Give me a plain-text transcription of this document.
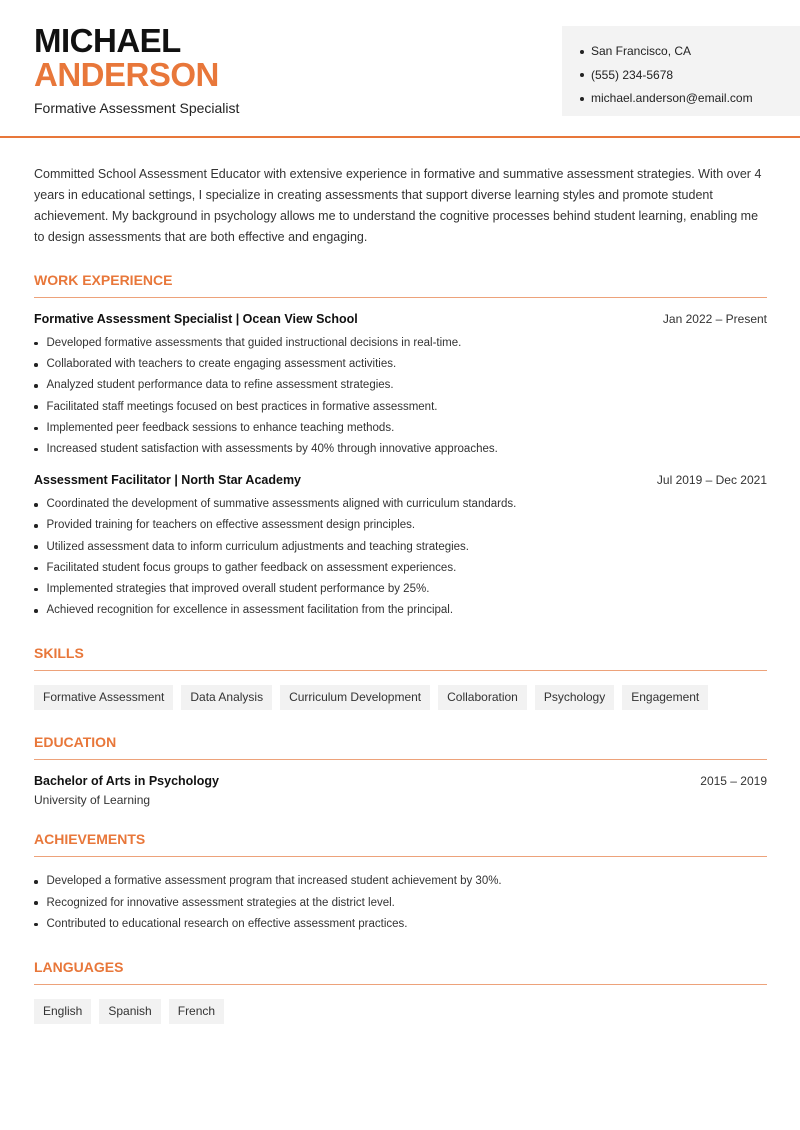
MICHAEL
ANDERSON
Formative Assessment Specialist
San Francisco, CA
(555) 234-5678
michael.anderson@email.com

Committed School Assessment Educator with extensive experience in formative and summative assessment strategies. With over 4 years in educational settings, I specialize in creating assessments that support diverse learning styles and promote student achievement. My background in psychology allows me to understand the cognitive processes behind student learning, enabling me to design assessments that are both effective and engaging.

WORK EXPERIENCE
Formative Assessment Specialist | Ocean View School	Jan 2022 – Present
Developed formative assessments that guided instructional decisions in real-time.
Collaborated with teachers to create engaging assessment activities.
Analyzed student performance data to refine assessment strategies.
Facilitated staff meetings focused on best practices in formative assessment.
Implemented peer feedback sessions to enhance teaching methods.
Increased student satisfaction with assessments by 40% through innovative approaches.
Assessment Facilitator | North Star Academy	Jul 2019 – Dec 2021
Coordinated the development of summative assessments aligned with curriculum standards.
Provided training for teachers on effective assessment design principles.
Utilized assessment data to inform curriculum adjustments and teaching strategies.
Facilitated student focus groups to gather feedback on assessment experiences.
Implemented strategies that improved overall student performance by 25%.
Achieved recognition for excellence in assessment facilitation from the principal.
SKILLS
Formative Assessment	Data Analysis	Curriculum Development	Collaboration	Psychology	Engagement
EDUCATION
Bachelor of Arts in Psychology	2015 – 2019
University of Learning
ACHIEVEMENTS
Developed a formative assessment program that increased student achievement by 30%.
Recognized for innovative assessment strategies at the district level.
Contributed to educational research on effective assessment practices.
LANGUAGES
English	Spanish	French
